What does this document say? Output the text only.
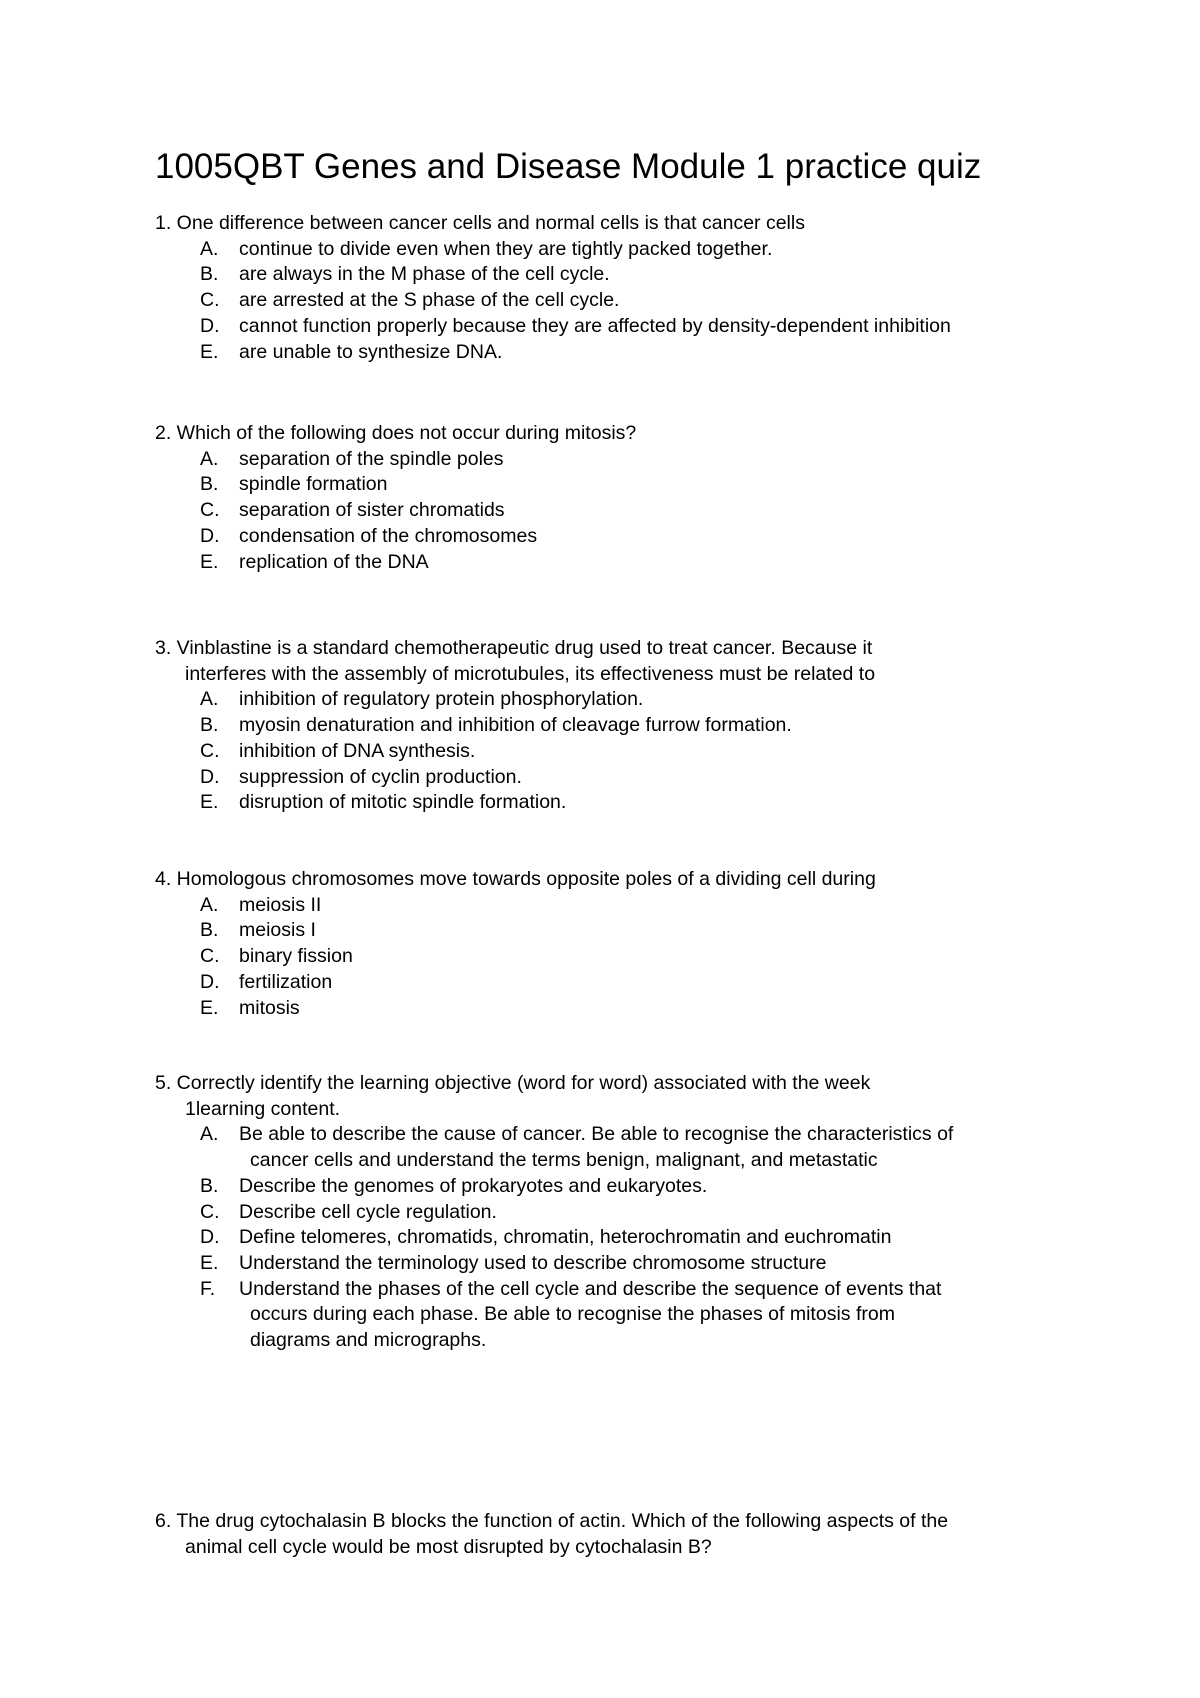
1005QBT Genes and Disease Module 1 practice quiz
1. One difference between cancer cells and normal cells is that cancer cells
A. continue to divide even when they are tightly packed together.
B. are always in the M phase of the cell cycle.
C. are arrested at the S phase of the cell cycle.
D. cannot function properly because they are affected by density-dependent inhibition
E. are unable to synthesize DNA.
2. Which of the following does not occur during mitosis?
A. separation of the spindle poles
B. spindle formation
C. separation of sister chromatids
D. condensation of the chromosomes
E. replication of the DNA
3. Vinblastine is a standard chemotherapeutic drug used to treat cancer. Because it
interferes with the assembly of microtubules, its effectiveness must be related to
A. inhibition of regulatory protein phosphorylation.
B. myosin denaturation and inhibition of cleavage furrow formation.
C. inhibition of DNA synthesis.
D. suppression of cyclin production.
E. disruption of mitotic spindle formation.
4. Homologous chromosomes move towards opposite poles of a dividing cell during
A. meiosis II
B. meiosis I
C. binary fission
D. fertilization
E. mitosis
5. Correctly identify the learning objective (word for word) associated with the week
1learning content.
A. Be able to describe the cause of cancer. Be able to recognise the characteristics of
cancer cells and understand the terms benign, malignant, and metastatic
B. Describe the genomes of prokaryotes and eukaryotes.
C. Describe cell cycle regulation.
D. Define telomeres, chromatids, chromatin, heterochromatin and euchromatin
E. Understand the terminology used to describe chromosome structure
F. Understand the phases of the cell cycle and describe the sequence of events that
occurs during each phase. Be able to recognise the phases of mitosis from
diagrams and micrographs.
6. The drug cytochalasin B blocks the function of actin. Which of the following aspects of the
animal cell cycle would be most disrupted by cytochalasin B?
